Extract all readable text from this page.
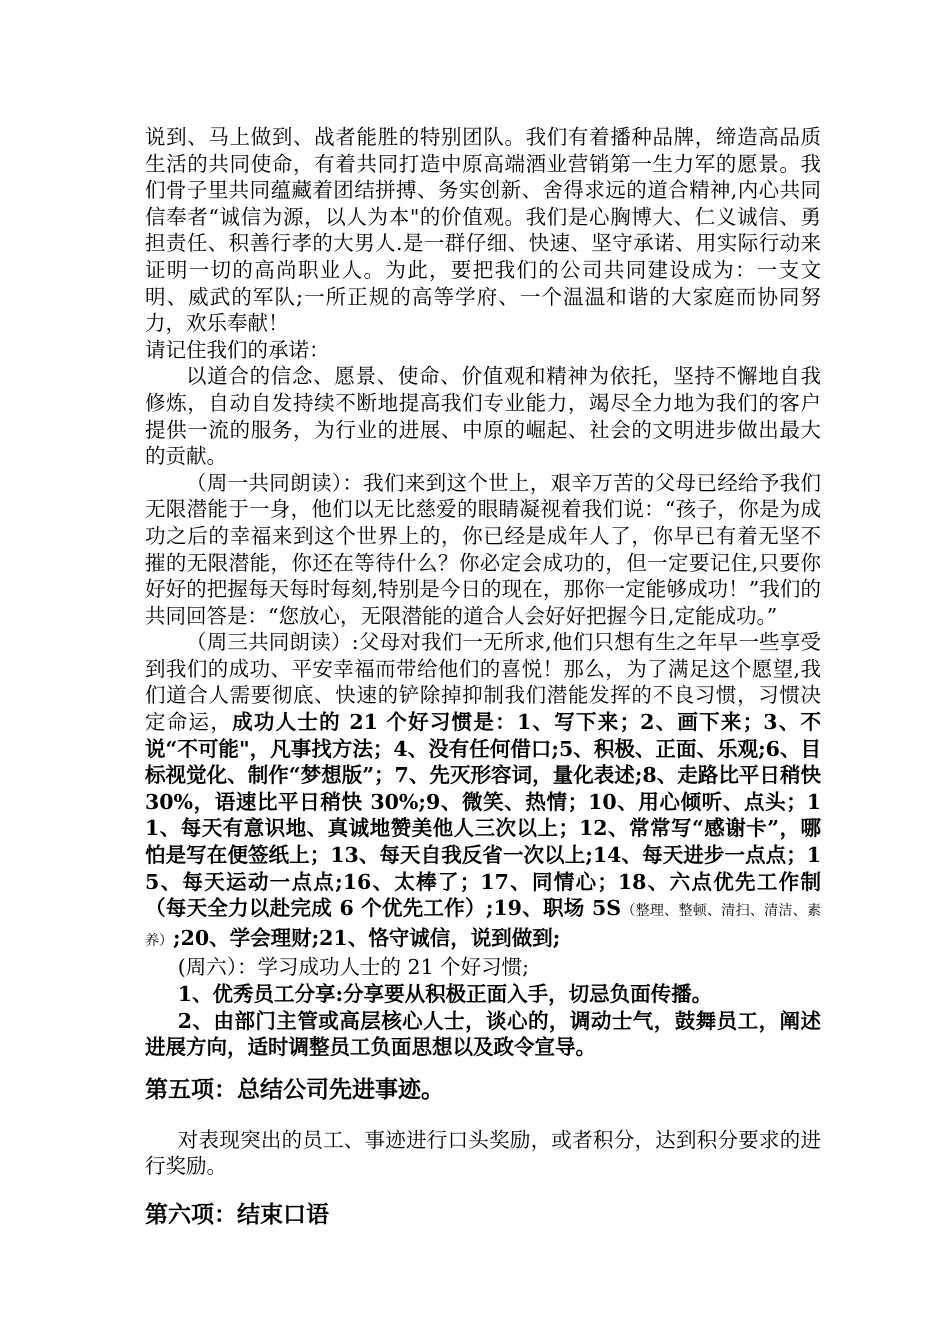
说到、马上做到、战者能胜的特别团队。我们有着播种品牌，缔造高品质生活的共同使命，有着共同打造中原高端酒业营销第一生力军的愿景。我们骨子里共同蕴藏着团结拼搏、务实创新、舍得求远的道合精神,内心共同信奉者“诚信为源，以人为本"的价值观。我们是心胸博大、仁义诚信、勇 担责任、积善行孝的大男人.是一群仔细、快速、坚守承诺、用实际行动来证明一切的高尚职业人。为此，要把我们的公司共同建设成为：一支文明、威武的军队;一所正规的高等学府、一个温温和谐的大家庭而协同努力，欢乐奉献！

请记住我们的承诺：

以道合的信念、愿景、使命、价值观和精神为依托，坚持不懈地自我修炼，自动自发持续不断地提高我们专业能力，竭尽全力地为我们的客户提供一流的服务，为行业的进展、中原的崛起、社会的文明进步做出最大的贡献。

（周一共同朗读）：我们来到这个世上，艰辛万苦的父母已经给予我们无限潜能于一身，他们以无比慈爱的眼睛凝视着我们说：“孩子，你是为成功之后的幸福来到这个世界上的，你已经是成年人了，你早已有着无坚不摧的无限潜能，你还在等待什么？你必定会成功的，但一定要记住,只要你好好的把握每天每时每刻,特别是今日的现在，那你一定能够成功！”我们的共同回答是：“您放心，无限潜能的道合人会好好把握今日,定能成功。”

（周三共同朗读）:父母对我们一无所求,他们只想有生之年早一些享受到我们的成功、平安幸福而带给他们的喜悦！那么，为了满足这个愿望,我们道合人需要彻底、快速的铲除掉抑制我们潜能发挥的不良习惯，习惯决定命运，成功人士的 21 个好习惯是：1、写下来；2、画下来；3、不说“不可能"，凡事找方法；4、没有任何借口;5、积极、正面、乐观;6、目标视觉化、制作“梦想版”；7、先灭形容词，量化表述;8、走路比平日稍快 30%，语速比平日稍快 30%;9、微笑、热情；10、用心倾听、点头；11、每天有意识地、真诚地赞美他人三次以上；12、常常写“感谢卡”，哪怕是写在便签纸上；13、每天自我反省一次以上;14、每天进步一点点；15、每天运动一点点;16、太棒了；17、同情心；18、六点优先工作制（每天全力以赴完成 6 个优先工作）;19、职场 5S（整理、整顿、清扫、清洁、素养）;20、学会理财;21、恪守诚信，说到做到;

(周六）：学习成功人士的 21 个好习惯;

1、优秀员工分享:分享要从积极正面入手，切忌负面传播。

2、由部门主管或高层核心人士，谈心的，调动士气，鼓舞员工，阐述进展方向，适时调整员工负面思想以及政令宣导。

第五项：总结公司先进事迹。

对表现突出的员工、事迹进行口头奖励，或者积分，达到积分要求的进行奖励。

第六项：结束口语
